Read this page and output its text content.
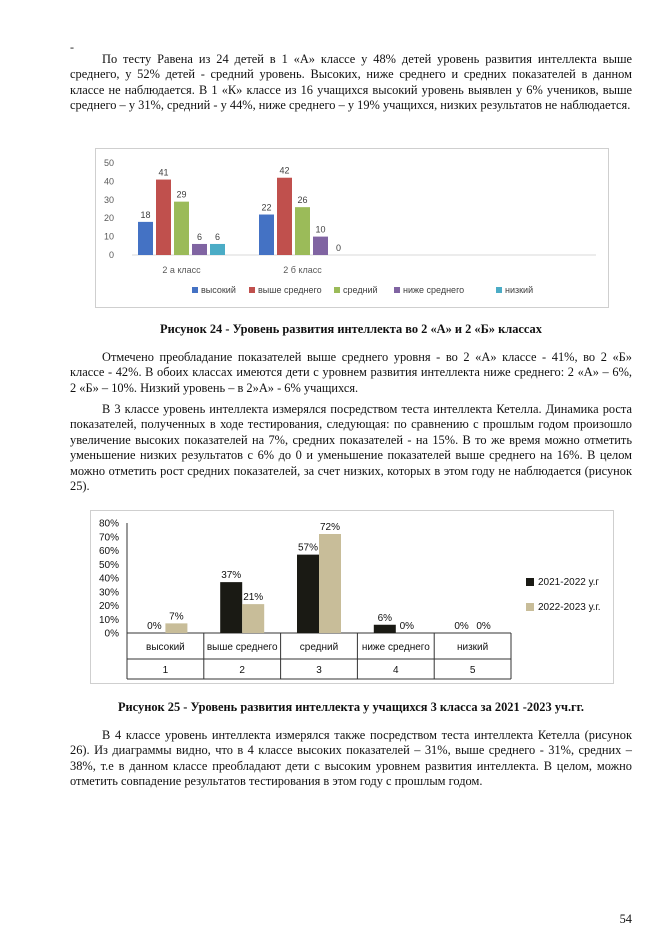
-

По тесту Равена из 24 детей в 1 «А» классе у 48% детей уровень развития интеллекта выше среднего, у 52% детей - средний уровень. Высоких, ниже среднего и средних показателей в данном классе не наблюдается. В 1 «К» классе из 16 учащихся высокий уровень выявлен у 6% учеников, выше среднего – у 31%, средний - у 44%, ниже среднего – у 19% учащихся, низких результатов не наблюдается.

0
10
20
30
40
50
18
41
29
6 6
2 а класс
22
42
26
10
0
2 б класс
высокий выше среднего средний	ниже среднего	низкий

Рисунок 24 - Уровень развития интеллекта во 2 «А» и 2 «Б» классах

Отмечено преобладание показателей выше среднего уровня - во 2 «А» классе - 41%, во 2 «Б» классе - 42%. В обоих классах имеются дети с уровнем развития интеллекта ниже среднего: 2 «А» – 6%, 2 «Б» – 10%. Низкий уровень – в 2»А» - 6% учащихся.

В 3 классе уровень интеллекта измерялся посредством теста интеллекта Кетелла. Динамика роста показателей, полученных в ходе тестирования, следующая: по сравнению с прошлым годом произошло увеличение высоких показателей на 7%, средних показателей - на 15%. В то же время можно отметить уменьшение низких результатов с 6% до 0 и уменьшение показателей выше среднего на 16%. В целом можно отметить рост средних показателей, за счет низких, которых в этом году не наблюдается (рисунок 25).

0%
10%
20%
30%
40%
50%
60%
70%
80%
0%
7%
высокий
1
37%
21%
выше среднего
2
57%
72%
средний
3
6%
0%
ниже среднего
4
0% 0%
низкий
5
2021-2022 у.г
2022-2023 у.г.

Рисунок 25 - Уровень развития интеллекта у учащихся 3 класса за 2021 -2023 уч.гг.

В 4 классе уровень интеллекта измерялся также посредством теста интеллекта Кетелла (рисунок 26). Из диаграммы видно, что в 4 классе высоких показателей – 31%, выше среднего - 31%, средних – 38%, т.е в данном классе преобладают дети с высоким уровнем развития интеллекта. В целом, можно отметить совпадение результатов тестирования в этом году с прошлым годом.

54
